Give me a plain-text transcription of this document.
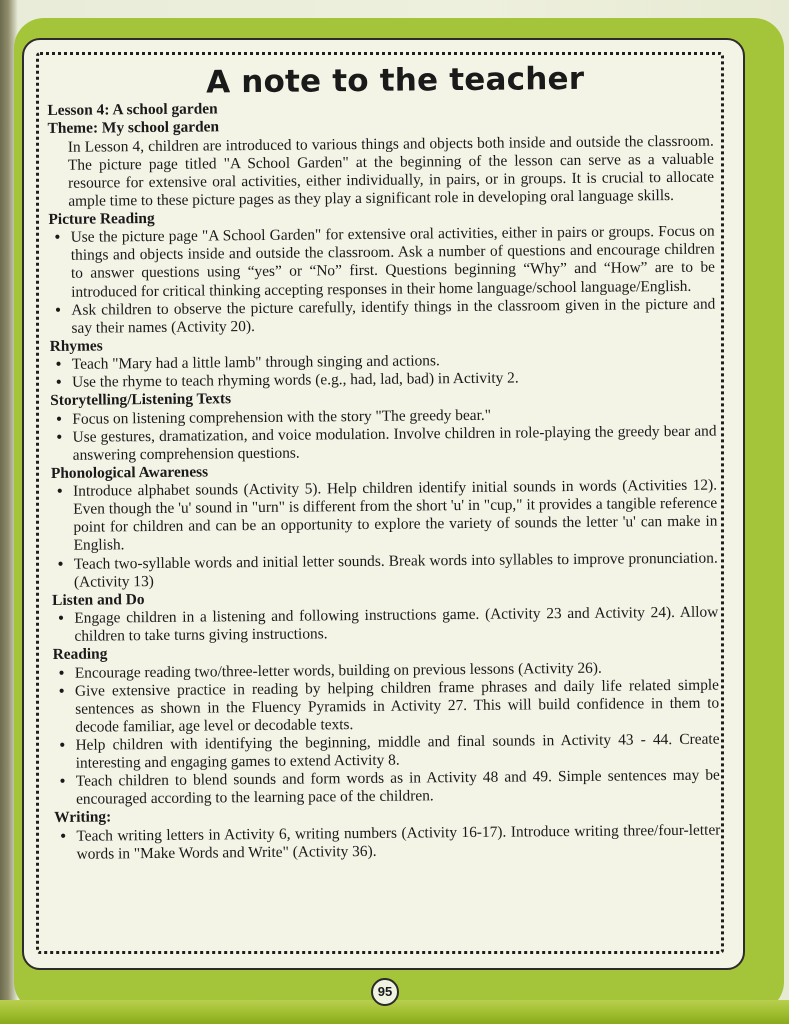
A note to the teacher
Lesson 4: A school garden
Theme: My school garden
In Lesson 4, children are introduced to various things and objects both inside and outside the classroom. The picture page titled "A School Garden" at the beginning of the lesson can serve as a valuable resource for extensive oral activities, either individually, in pairs, or in groups. It is crucial to allocate ample time to these picture pages as they play a significant role in developing oral language skills.
Picture Reading
• Use the picture page "A School Garden" for extensive oral activities, either in pairs or groups. Focus on things and objects inside and outside the classroom. Ask a number of questions and encourage children to answer questions using “yes” or “No” first. Questions beginning “Why” and “How” are to be introduced for critical thinking accepting responses in their home language/school language/English.
• Ask children to observe the picture carefully, identify things in the classroom given in the picture and say their names (Activity 20).
Rhymes
• Teach "Mary had a little lamb" through singing and actions.
• Use the rhyme to teach rhyming words (e.g., had, lad, bad) in Activity 2.
Storytelling/Listening Texts
• Focus on listening comprehension with the story "The greedy bear."
• Use gestures, dramatization, and voice modulation. Involve children in role-playing the greedy bear and answering comprehension questions.
Phonological Awareness
• Introduce alphabet sounds (Activity 5). Help children identify initial sounds in words (Activities 12). Even though the 'u' sound in "urn" is different from the short 'u' in "cup," it provides a tangible reference point for children and can be an opportunity to explore the variety of sounds the letter 'u' can make in English.
• Teach two-syllable words and initial letter sounds. Break words into syllables to improve pronunciation. (Activity 13)
Listen and Do
• Engage children in a listening and following instructions game. (Activity 23 and Activity 24). Allow children to take turns giving instructions.
Reading
• Encourage reading two/three-letter words, building on previous lessons (Activity 26).
• Give extensive practice in reading by helping children frame phrases and daily life related simple sentences as shown in the Fluency Pyramids in Activity 27. This will build confidence in them to decode familiar, age level or decodable texts.
• Help children with identifying the beginning, middle and final sounds in Activity 43 - 44. Create interesting and engaging games to extend Activity 8.
• Teach children to blend sounds and form words as in Activity 48 and 49. Simple sentences may be encouraged according to the learning pace of the children.
Writing:
• Teach writing letters in Activity 6, writing numbers (Activity 16-17). Introduce writing three/four-letter words in "Make Words and Write" (Activity 36).
95
